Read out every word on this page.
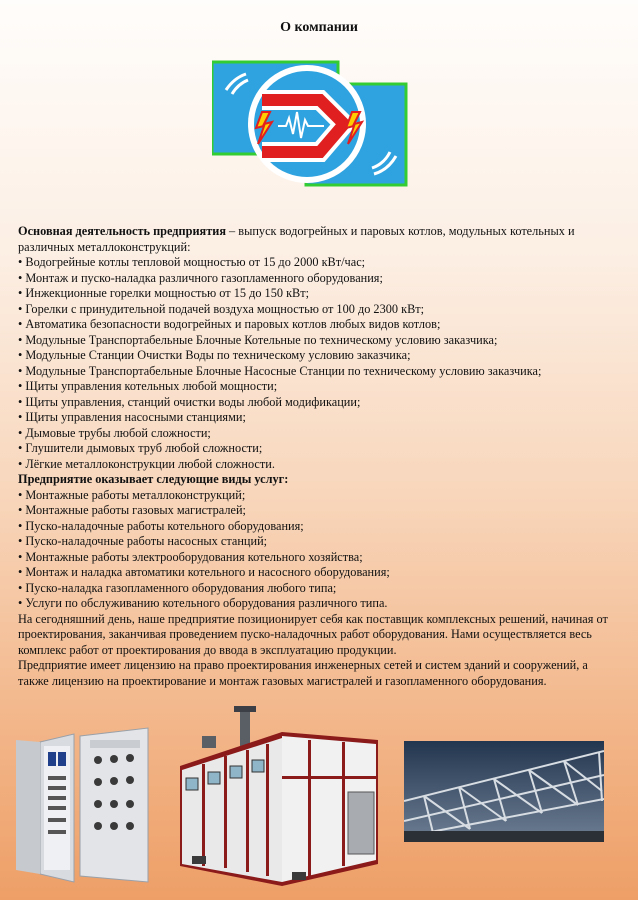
О компании

Основная деятельность предприятия – выпуск водогрейных и паровых котлов, модульных котельных и различных металлоконструкций:

• Водогрейные котлы тепловой мощностью от 15 до 2000 кВт/час;
• Монтаж и пуско-наладка различного газопламенного оборудования;
• Инжекционные горелки мощностью от 15 до 150 кВт;
• Горелки с принудительной подачей воздуха мощностью от 100 до 2300 кВт;
• Автоматика безопасности водогрейных и паровых котлов любых видов котлов;
• Модульные Транспортабельные Блочные Котельные по техническому условию заказчика;
• Модульные Станции Очистки Воды по техническому условию заказчика;
• Модульные Транспортабельные Блочные Насосные Станции по техническому условию заказчика;
• Щиты управления котельных любой мощности;
• Щиты управления, станций очистки воды любой модификации;
• Щиты управления насосными станциями;
• Дымовые трубы любой сложности;
• Глушители дымовых труб любой сложности;
• Лёгкие металлоконструкции любой сложности.

Предприятие оказывает следующие виды услуг:

• Монтажные работы металлоконструкций;
• Монтажные работы газовых магистралей;
• Пуско-наладочные работы котельного оборудования;
• Пуско-наладочные работы насосных станций;
• Монтажные работы электрооборудования котельного хозяйства;
• Монтаж и наладка автоматики котельного и насосного оборудования;
• Пуско-наладка газопламенного оборудования любого типа;
• Услуги по обслуживанию котельного оборудования различного типа.

На сегодняшний день, наше предприятие позиционирует себя как поставщик комплексных решений, начиная от проектирования, заканчивая проведением пуско-наладочных работ оборудования. Нами осуществляется весь комплекс работ от проектирования до ввода в эксплуатацию продукции.

Предприятие имеет лицензию на право проектирования инженерных сетей и систем зданий и сооружений, а также лицензию на проектирование и монтаж газовых магистралей и газопламенного оборудования.
